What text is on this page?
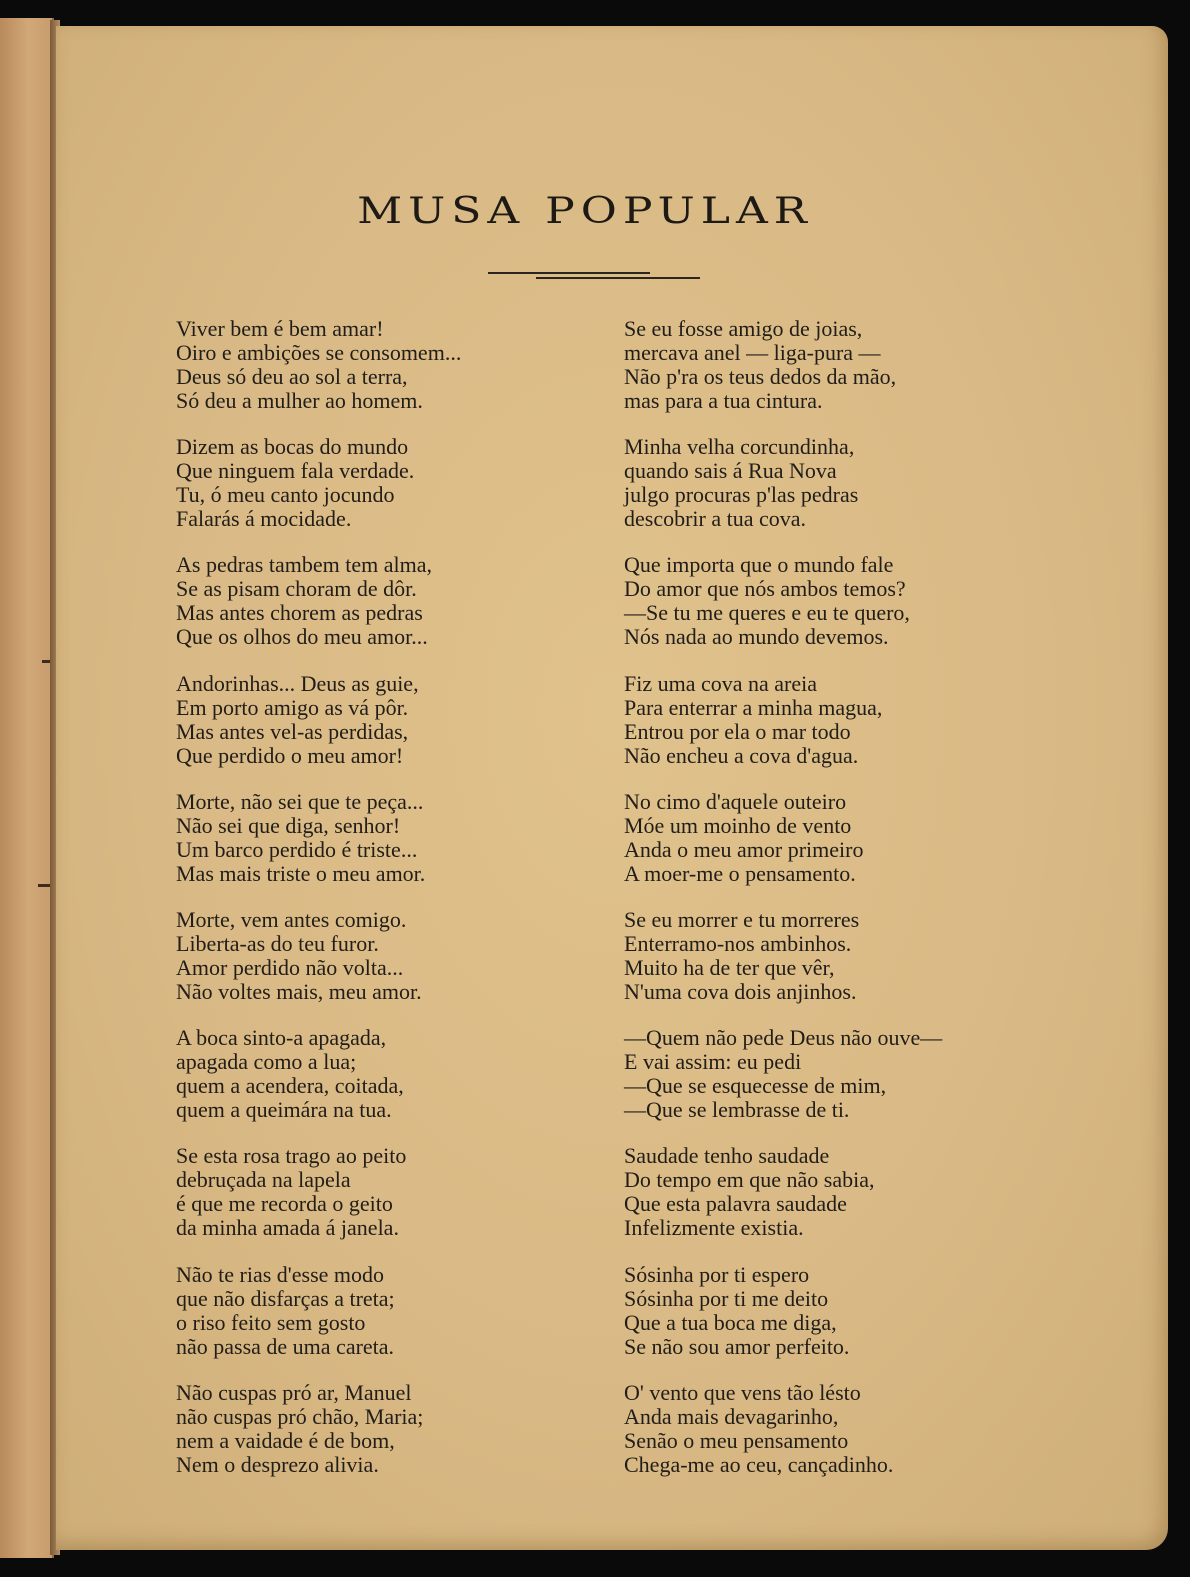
MUSA POPULAR
Viver bem é bem amar!
Oiro e ambições se consomem...
Deus só deu ao sol a terra,
Só deu a mulher ao homem.
Dizem as bocas do mundo
Que ninguem fala verdade.
Tu, ó meu canto jocundo
Falarás á mocidade.
As pedras tambem tem alma,
Se as pisam choram de dôr.
Mas antes chorem as pedras
Que os olhos do meu amor...
Andorinhas... Deus as guie,
Em porto amigo as vá pôr.
Mas antes vel-as perdidas,
Que perdido o meu amor!
Morte, não sei que te peça...
Não sei que diga, senhor!
Um barco perdido é triste...
Mas mais triste o meu amor.
Morte, vem antes comigo.
Liberta-as do teu furor.
Amor perdido não volta...
Não voltes mais, meu amor.
A boca sinto-a apagada,
apagada como a lua;
quem a acendera, coitada,
quem a queimára na tua.
Se esta rosa trago ao peito
debruçada na lapela
é que me recorda o geito
da minha amada á janela.
Não te rias d'esse modo
que não disfarças a treta;
o riso feito sem gosto
não passa de uma careta.
Não cuspas pró ar, Manuel
não cuspas pró chão, Maria;
nem a vaidade é de bom,
Nem o desprezo alivia.
Se eu fosse amigo de joias,
mercava anel — liga-pura —
Não p'ra os teus dedos da mão,
mas para a tua cintura.
Minha velha corcundinha,
quando sais á Rua Nova
julgo procuras p'las pedras
descobrir a tua cova.
Que importa que o mundo fale
Do amor que nós ambos temos?
—Se tu me queres e eu te quero,
Nós nada ao mundo devemos.
Fiz uma cova na areia
Para enterrar a minha magua,
Entrou por ela o mar todo
Não encheu a cova d'agua.
No cimo d'aquele outeiro
Móe um moinho de vento
Anda o meu amor primeiro
A moer-me o pensamento.
Se eu morrer e tu morreres
Enterramo-nos ambinhos.
Muito ha de ter que vêr,
N'uma cova dois anjinhos.
—Quem não pede Deus não ouve—
E vai assim: eu pedi
—Que se esquecesse de mim,
—Que se lembrasse de ti.
Saudade tenho saudade
Do tempo em que não sabia,
Que esta palavra saudade
Infelizmente existia.
Sósinha por ti espero
Sósinha por ti me deito
Que a tua boca me diga,
Se não sou amor perfeito.
O' vento que vens tão lésto
Anda mais devagarinho,
Senão o meu pensamento
Chega-me ao ceu, cançadinho.
